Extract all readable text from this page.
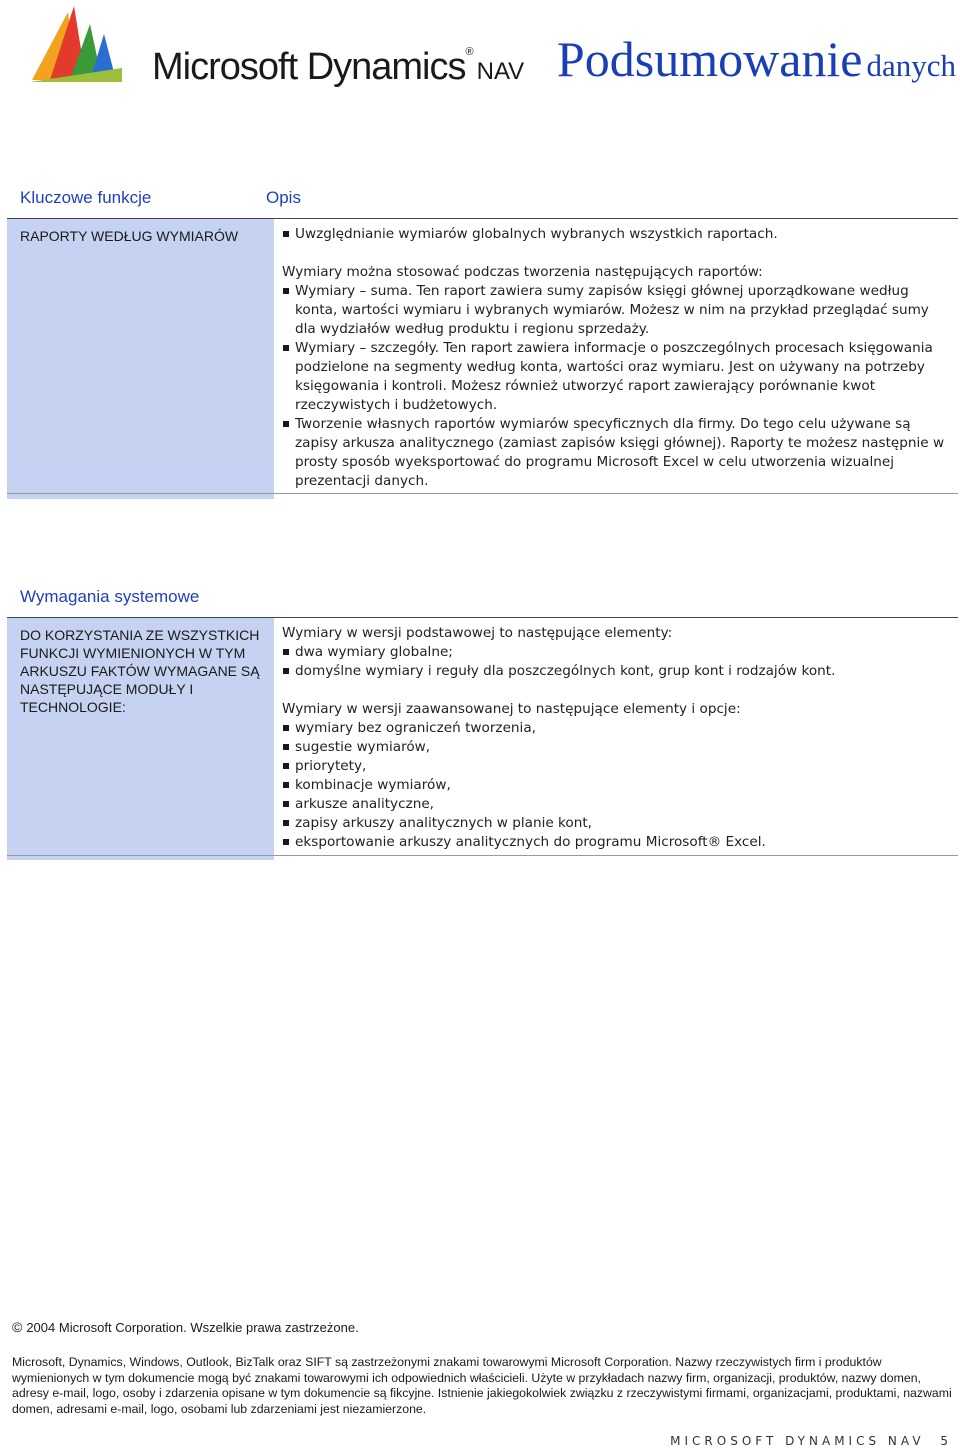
Microsoft Dynamics®NAV Podsumowanie danych
Kluczowe funkcje	Opis
RAPORTY WEDŁUG WYMIARÓW	Uwzględnianie wymiarów globalnych wybranych wszystkich raportach.

Wymiary można stosować podczas tworzenia następujących raportów:

Wymiary – suma. Ten raport zawiera sumy zapisów księgi głównej uporządkowane według konta, wartości wymiaru i wybranych wymiarów. Możesz w nim na przykład przeglądać sumy dla wydziałów według produktu i regionu sprzedaży.
Wymiary – szczegóły. Ten raport zawiera informacje o poszczególnych procesach księgowania podzielone na segmenty według konta, wartości oraz wymiaru. Jest on używany na potrzeby księgowania i kontroli. Możesz również utworzyć raport zawierający porównanie kwot rzeczywistych i budżetowych.
Tworzenie własnych raportów wymiarów specyficznych dla firmy. Do tego celu używane są zapisy arkusza analitycznego (zamiast zapisów księgi głównej). Raporty te możesz następnie w prosty sposób wyeksportować do programu Microsoft Excel w celu utworzenia wizualnej prezentacji danych.
Wymagania systemowe
DO KORZYSTANIA ZE WSZYSTKICH FUNKCJI WYMIENIONYCH W TYM ARKUSZU FAKTÓW WYMAGANE SĄ NASTĘPUJĄCE MODUŁY I TECHNOLOGIE:	

Wymiary w wersji podstawowej to następujące elementy:

dwa wymiary globalne;
domyślne wymiary i reguły dla poszczególnych kont, grup kont i rodzajów kont.

Wymiary w wersji zaawansowanej to następujące elementy i opcje:

wymiary bez ograniczeń tworzenia,
sugestie wymiarów,
priorytety,
kombinacje wymiarów,
arkusze analityczne,
zapisy arkuszy analitycznych w planie kont,
eksportowanie arkuszy analitycznych do programu Microsoft® Excel.
© 2004 Microsoft Corporation. Wszelkie prawa zastrzeżone.
Microsoft, Dynamics, Windows, Outlook, BizTalk oraz SIFT są zastrzeżonymi znakami towarowymi Microsoft Corporation. Nazwy rzeczywistych firm i produktów wymienionych w tym dokumencie mogą być znakami towarowymi ich odpowiednich właścicieli. Użyte w przykładach nazwy firm, organizacji, produktów, nazwy domen, adresy e-mail, logo, osoby i zdarzenia opisane w tym dokumencie są fikcyjne. Istnienie jakiegokolwiek związku z rzeczywistymi firmami, organizacjami, produktami, nazwami domen, adresami e-mail, logo, osobami lub zdarzeniami jest niezamierzone.
MICROSOFT DYNAMICS NAV 5
